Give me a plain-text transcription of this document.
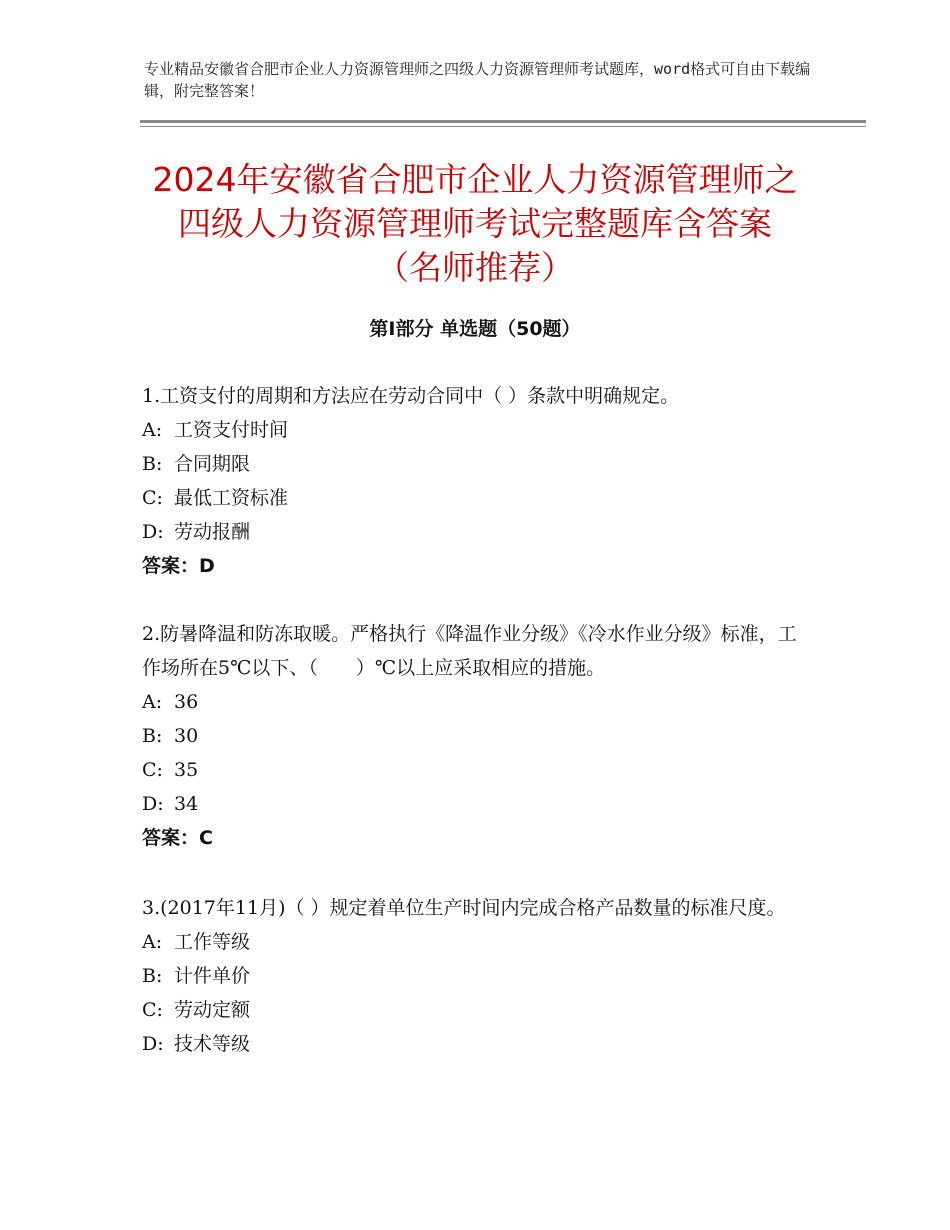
专业精品安徽省合肥市企业人力资源管理师之四级人力资源管理师考试题库，word格式可自由下载编辑，附完整答案！
2024年安徽省合肥市企业人力资源管理师之
四级人力资源管理师考试完整题库含答案
（名师推荐）
第Ⅰ部分 单选题（50题）

1.工资支付的周期和方法应在劳动合同中（ ）条款中明确规定。

A: 工资支付时间

B: 合同期限

C: 最低工资标准

D: 劳动报酬

答案：D

2.防暑降温和防冻取暖。严格执行《降温作业分级》《冷水作业分级》标准，工作场所在5℃以下、（　　）℃以上应采取相应的措施。

A: 36

B: 30

C: 35

D: 34

答案：C

3.(2017年11月)（ ）规定着单位生产时间内完成合格产品数量的标准尺度。

A: 工作等级

B: 计件单价

C: 劳动定额

D: 技术等级
